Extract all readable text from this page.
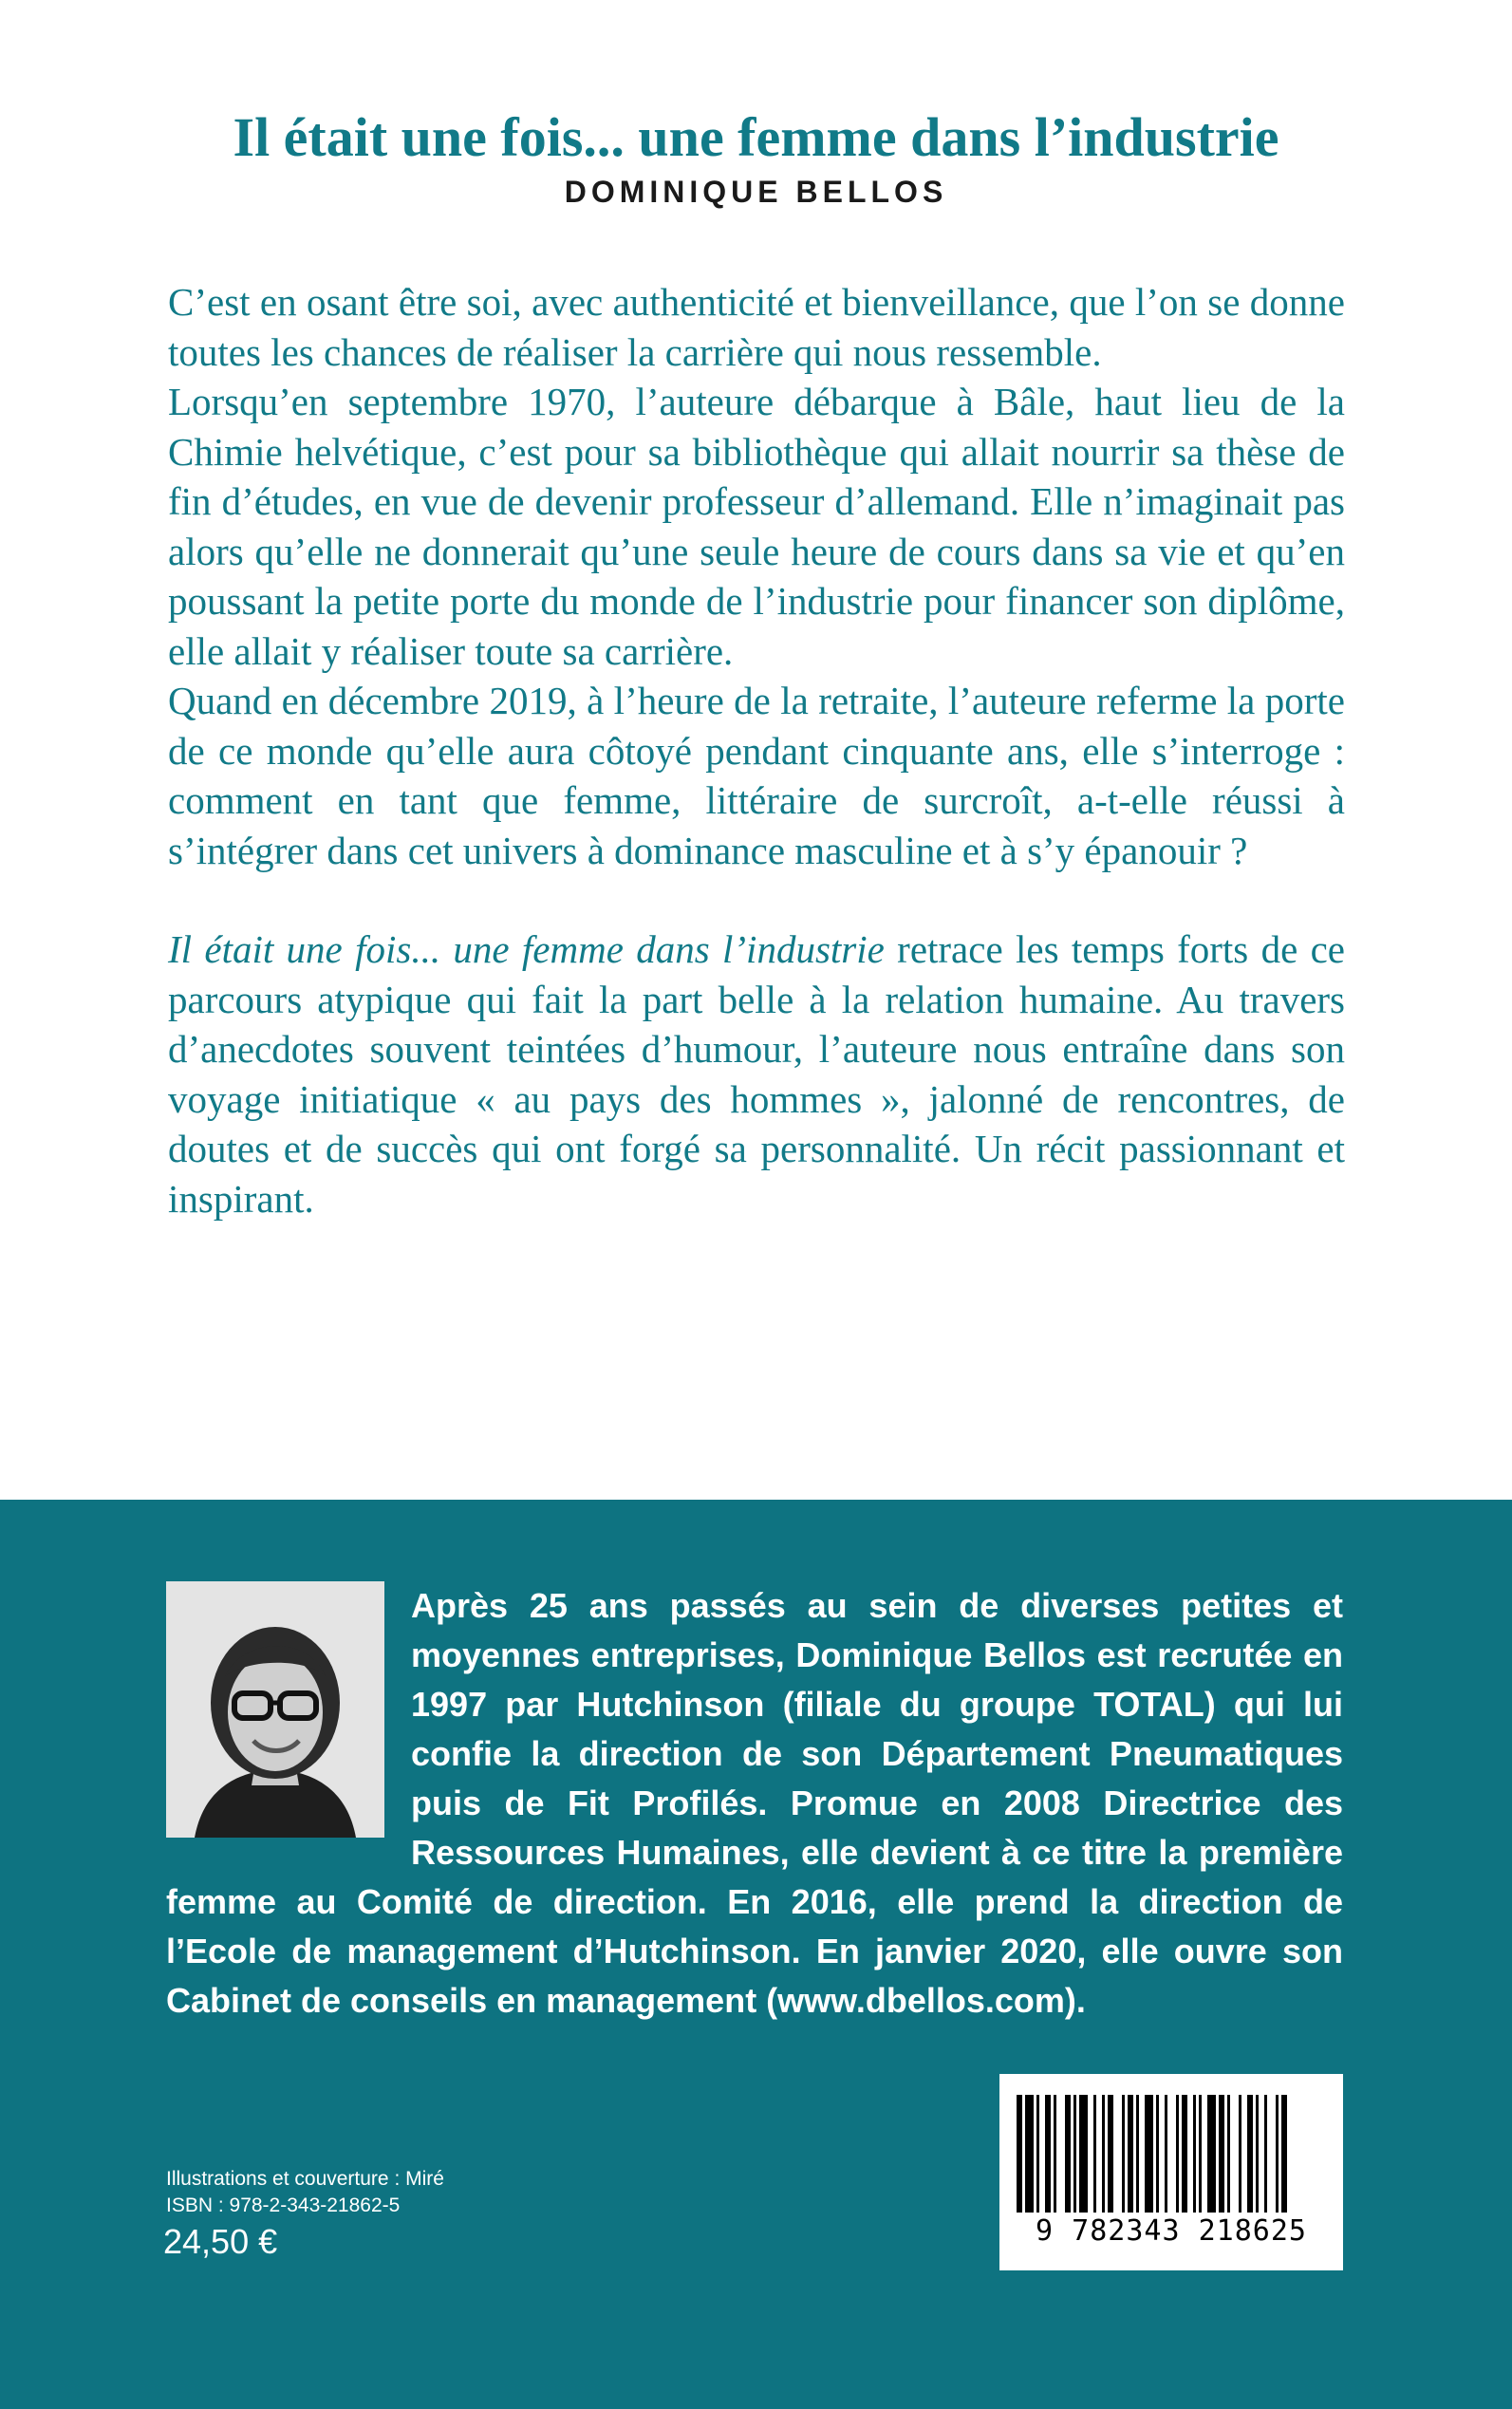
Il était une fois... une femme dans l’industrie
DOMINIQUE BELLOS

C’est en osant être soi, avec authenticité et bienveillance, que l’on se donne toutes les chances de réaliser la carrière qui nous ressemble.

Lorsqu’en septembre 1970, l’auteure débarque à Bâle, haut lieu de la Chimie helvétique, c’est pour sa bibliothèque qui allait nourrir sa thèse de fin d’études, en vue de devenir professeur d’allemand. Elle n’imaginait pas alors qu’elle ne donnerait qu’une seule heure de cours dans sa vie et qu’en poussant la petite porte du monde de l’industrie pour financer son diplôme, elle allait y réaliser toute sa carrière.

Quand en décembre 2019, à l’heure de la retraite, l’auteure referme la porte de ce monde qu’elle aura côtoyé pendant cinquante ans, elle s’interroge : comment en tant que femme, littéraire de surcroît, a-t-elle réussi à s’intégrer dans cet univers à dominance masculine et à s’y épanouir ?

Il était une fois... une femme dans l’industrie retrace les temps forts de ce parcours atypique qui fait la part belle à la relation humaine. Au travers d’anecdotes souvent teintées d’humour, l’auteure nous entraîne dans son voyage initiatique « au pays des hommes », jalonné de rencontres, de doutes et de succès qui ont forgé sa personnalité. Un récit passionnant et inspirant.

Après 25 ans passés au sein de diverses petites et moyennes entreprises, Dominique Bellos est recrutée en 1997 par Hutchinson (filiale du groupe TOTAL) qui lui confie la direction de son Département Pneumatiques puis de Fit Profilés. Promue en 2008 Directrice des Ressources Humaines, elle devient à ce titre la première femme au Comité de direction. En 2016, elle prend la direction de l’Ecole de management d’Hutchinson. En janvier 2020, elle ouvre son Cabinet de conseils en management (www.dbellos.com).

Illustrations et couverture : Miré
ISBN : 978-2-343-21862-5
24,50 €	9 782343 218625
